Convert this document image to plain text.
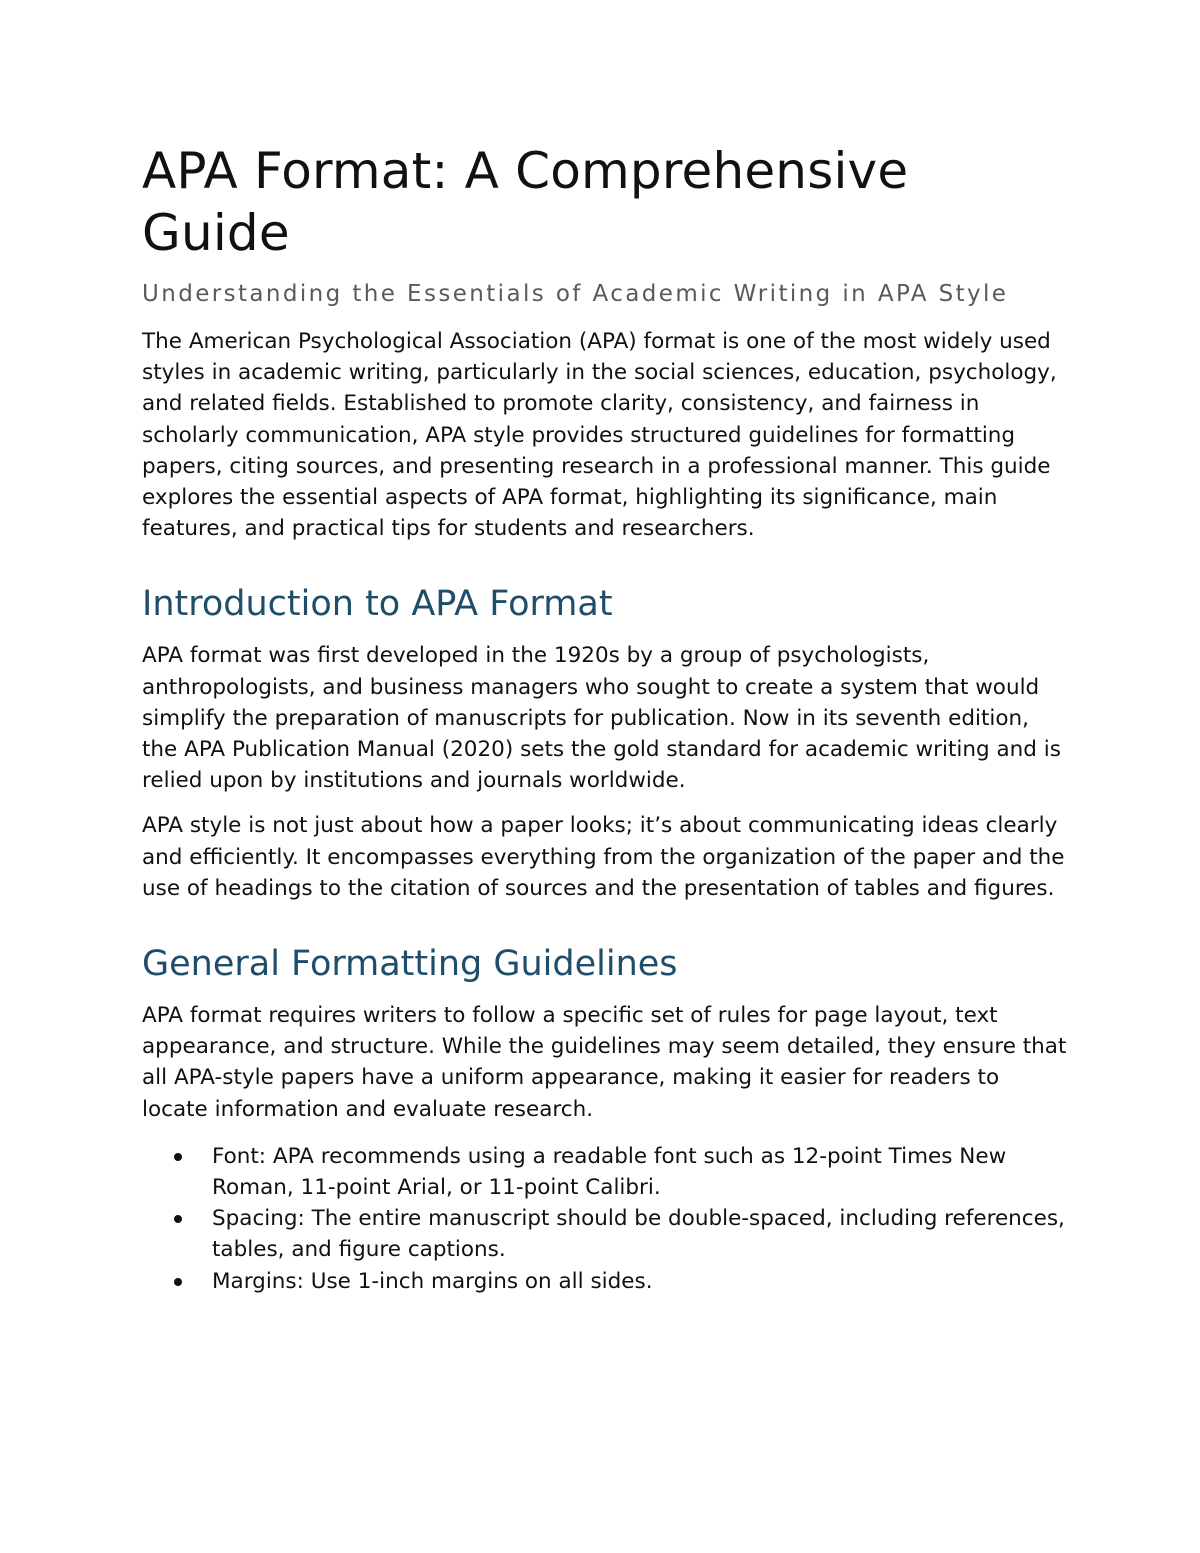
APA Format: A Comprehensive Guide
Understanding the Essentials of Academic Writing in APA Style

The American Psychological Association (APA) format is one of the most widely used styles in academic writing, particularly in the social sciences, education, psychology, and related fields. Established to promote clarity, consistency, and fairness in scholarly communication, APA style provides structured guidelines for formatting papers, citing sources, and presenting research in a professional manner. This guide explores the essential aspects of APA format, highlighting its significance, main features, and practical tips for students and researchers.

Introduction to APA Format

APA format was first developed in the 1920s by a group of psychologists, anthropologists, and business managers who sought to create a system that would simplify the preparation of manuscripts for publication. Now in its seventh edition, the APA Publication Manual (2020) sets the gold standard for academic writing and is relied upon by institutions and journals worldwide.

APA style is not just about how a paper looks; it’s about communicating ideas clearly and efficiently. It encompasses everything from the organization of the paper and the use of headings to the citation of sources and the presentation of tables and figures.

General Formatting Guidelines

APA format requires writers to follow a specific set of rules for page layout, text appearance, and structure. While the guidelines may seem detailed, they ensure that all APA-style papers have a uniform appearance, making it easier for readers to locate information and evaluate research.

Font: APA recommends using a readable font such as 12-point Times New Roman, 11-point Arial, or 11-point Calibri.
Spacing: The entire manuscript should be double-spaced, including references, tables, and figure captions.
Margins: Use 1-inch margins on all sides.
